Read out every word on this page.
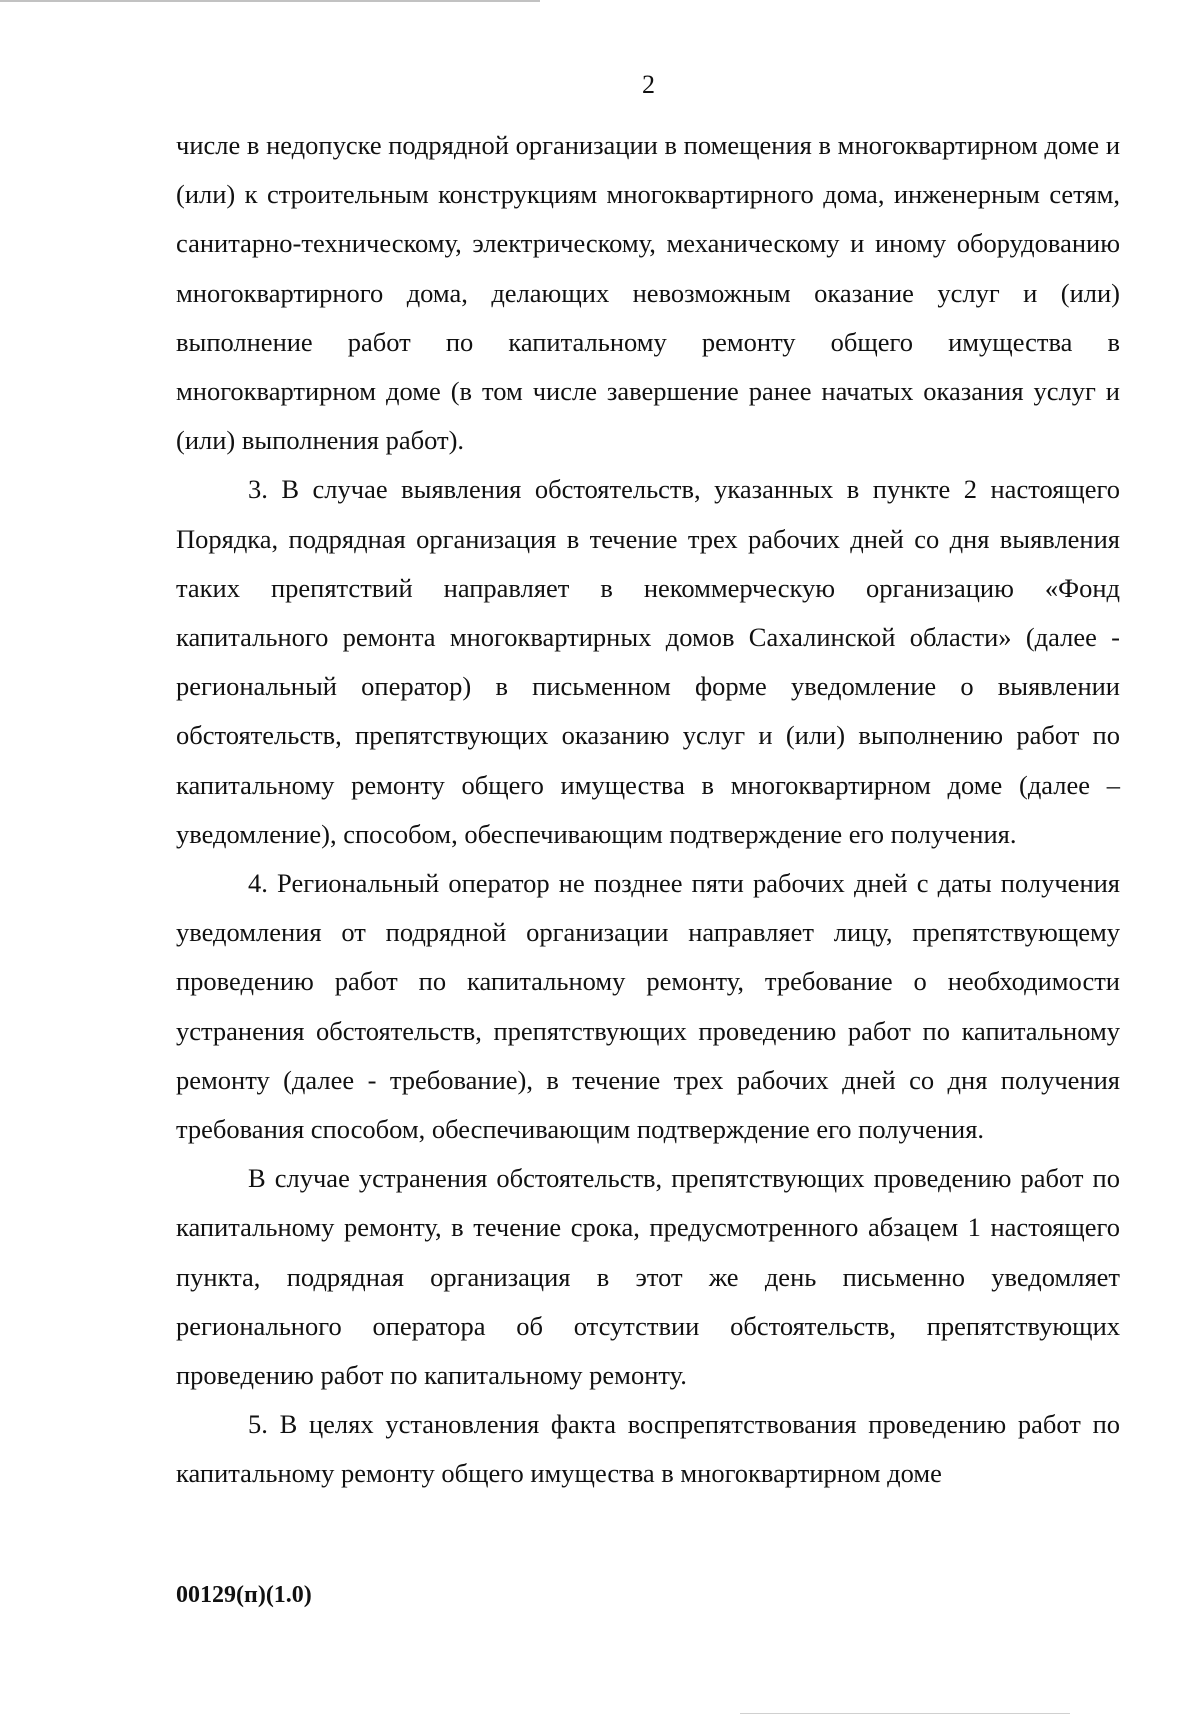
2

числе в недопуске подрядной организации в помещения в многоквартирном доме и (или) к строительным конструкциям многоквартирного дома, инженерным сетям, санитарно-техническому, электрическому, механическому и иному оборудованию многоквартирного дома, делающих невозможным оказание услуг и (или) выполнение работ по капитальному ремонту общего имущества в многоквартирном доме (в том числе завершение ранее начатых оказания услуг и (или) выполнения работ).

3. В случае выявления обстоятельств, указанных в пункте 2 настоящего Порядка, подрядная организация в течение трех рабочих дней со дня выявления таких препятствий направляет в некоммерческую организацию «Фонд капитального ремонта многоквартирных домов Сахалинской области» (далее - региональный оператор) в письменном форме уведомление о выявлении обстоятельств, препятствующих оказанию услуг и (или) выполнению работ по капитальному ремонту общего имущества в многоквартирном доме (далее – уведомление), способом, обеспечивающим подтверждение его получения.

4. Региональный оператор не позднее пяти рабочих дней с даты получения уведомления от подрядной организации направляет лицу, препятствующему проведению работ по капитальному ремонту, требование о необходимости устранения обстоятельств, препятствующих проведению работ по капитальному ремонту (далее - требование), в течение трех рабочих дней со дня получения требования способом, обеспечивающим подтверждение его получения.

В случае устранения обстоятельств, препятствующих проведению работ по капитальному ремонту, в течение срока, предусмотренного абзацем 1 настоящего пункта, подрядная организация в этот же день письменно уведомляет регионального оператора об отсутствии обстоятельств, препятствующих проведению работ по капитальному ремонту.

5. В целях установления факта воспрепятствования проведению работ по капитальному ремонту общего имущества в многоквартирном доме

00129(п)(1.0)
